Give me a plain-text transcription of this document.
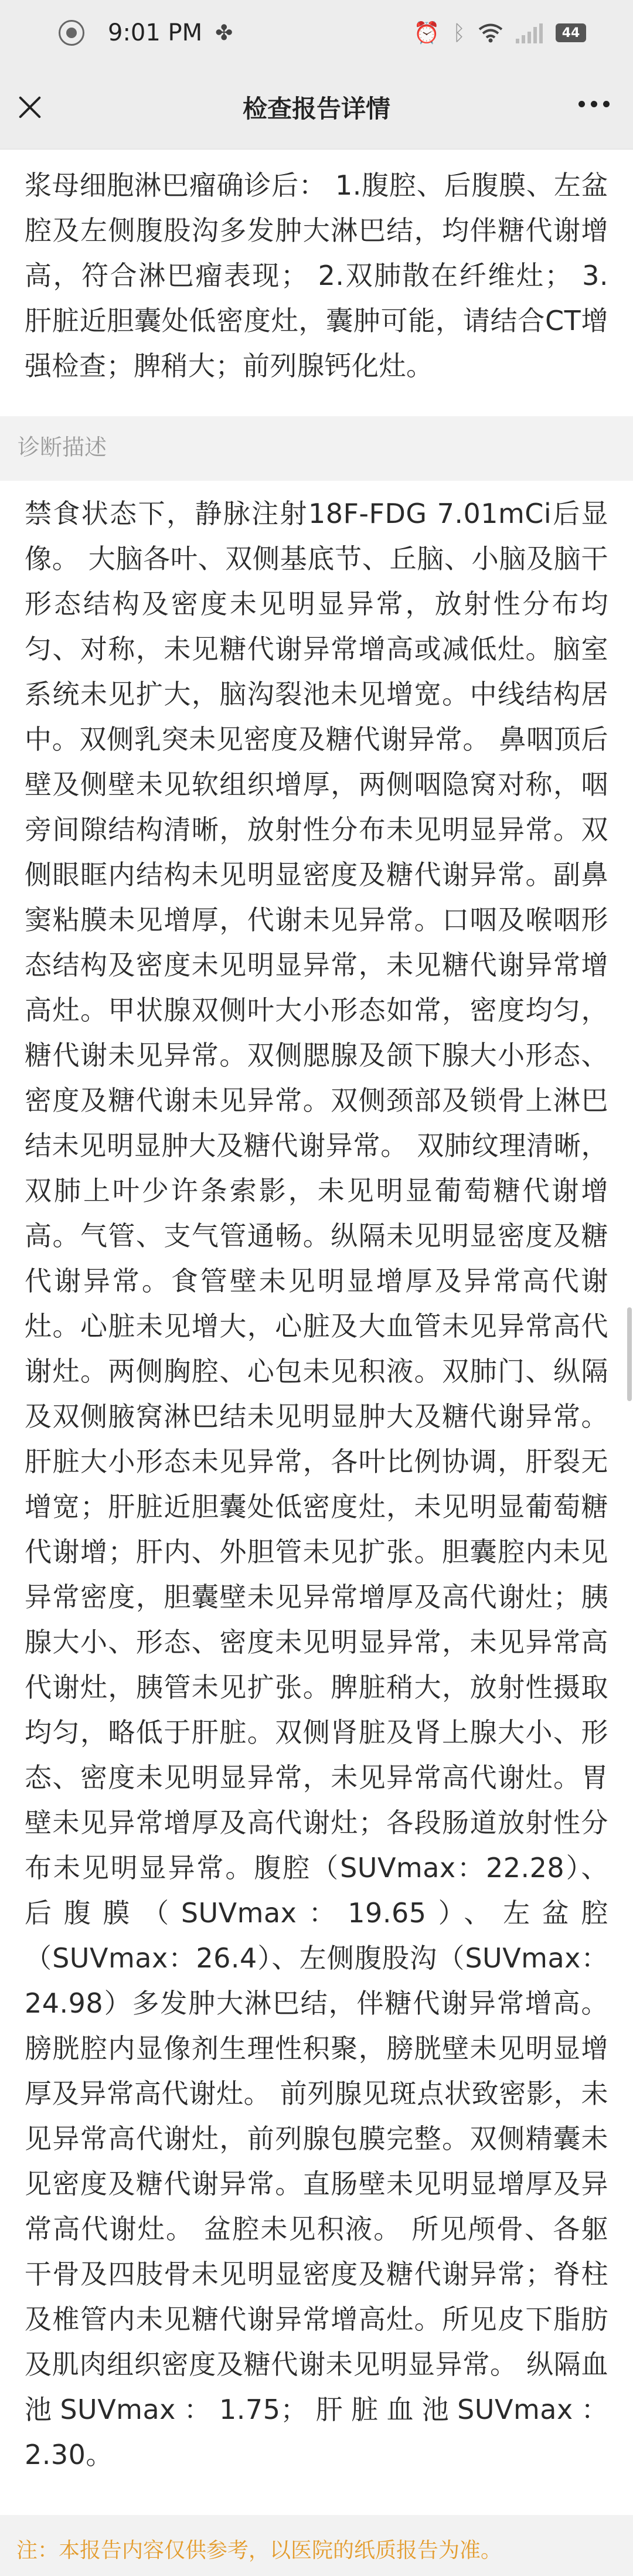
9:01 PM ✤	⏰ ᛒ	44
检查报告详情
浆母细胞淋巴瘤确诊后： 1.腹腔、后腹膜、左盆腔及左侧腹股沟多发肿大淋巴结，均伴糖代谢增高，符合淋巴瘤表现； 2.双肺散在纤维灶； 3.肝脏近胆囊处低密度灶，囊肿可能，请结合CT增强检查；脾稍大；前列腺钙化灶。
诊断描述
禁食状态下，静脉注射18F-FDG 7.01mCi后显像。 大脑各叶、双侧基底节、丘脑、小脑及脑干形态结构及密度未见明显异常，放射性分布均匀、对称，未见糖代谢异常增高或减低灶。脑室系统未见扩大，脑沟裂池未见增宽。中线结构居中。双侧乳突未见密度及糖代谢异常。 鼻咽顶后壁及侧壁未见软组织增厚，两侧咽隐窝对称，咽旁间隙结构清晰，放射性分布未见明显异常。双侧眼眶内结构未见明显密度及糖代谢异常。副鼻窦粘膜未见增厚，代谢未见异常。口咽及喉咽形态结构及密度未见明显异常，未见糖代谢异常增高灶。甲状腺双侧叶大小形态如常，密度均匀，糖代谢未见异常。双侧腮腺及颌下腺大小形态、密度及糖代谢未见异常。双侧颈部及锁骨上淋巴结未见明显肿大及糖代谢异常。 双肺纹理清晰，双肺上叶少许条索影，未见明显葡萄糖代谢增高。气管、支气管通畅。纵隔未见明显密度及糖代谢异常。食管壁未见明显增厚及异常高代谢灶。心脏未见增大，心脏及大血管未见异常高代谢灶。两侧胸腔、心包未见积液。双肺门、纵隔及双侧腋窝淋巴结未见明显肿大及糖代谢异常。 肝脏大小形态未见异常，各叶比例协调，肝裂无增宽；肝脏近胆囊处低密度灶，未见明显葡萄糖代谢增；肝内、外胆管未见扩张。胆囊腔内未见异常密度，胆囊壁未见异常增厚及高代谢灶；胰腺大小、形态、密度未见明显异常，未见异常高代谢灶，胰管未见扩张。脾脏稍大，放射性摄取均匀，略低于肝脏。双侧肾脏及肾上腺大小、形态、密度未见明显异常，未见异常高代谢灶。胃壁未见异常增厚及高代谢灶；各段肠道放射性分布未见明显异常。腹腔（SUVmax：22.28）、后腹膜（SUVmax：19.65）、左盆腔（SUVmax：26.4）、左侧腹股沟（SUVmax：24.98）多发肿大淋巴结，伴糖代谢异常增高。 膀胱腔内显像剂生理性积聚，膀胱壁未见明显增厚及异常高代谢灶。 前列腺见斑点状致密影，未见异常高代谢灶，前列腺包膜完整。双侧精囊未见密度及糖代谢异常。直肠壁未见明显增厚及异常高代谢灶。 盆腔未见积液。 所见颅骨、各躯干骨及四肢骨未见明显密度及糖代谢异常；脊柱及椎管内未见糖代谢异常增高灶。所见皮下脂肪及肌肉组织密度及糖代谢未见明显异常。 纵隔血池SUVmax：1.75；肝脏血池SUVmax： 2.30。
注：本报告内容仅供参考，以医院的纸质报告为准。
